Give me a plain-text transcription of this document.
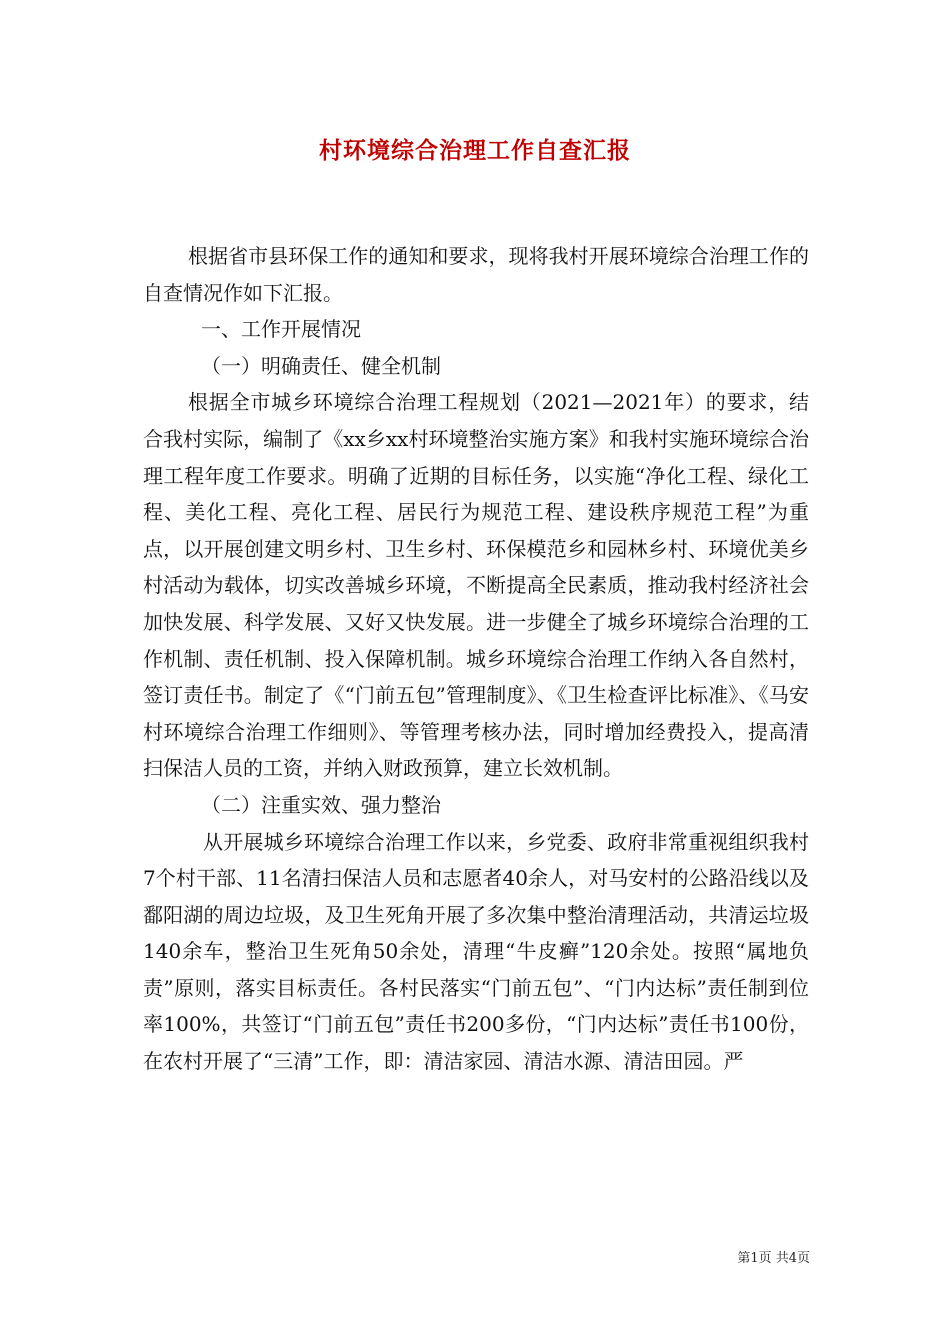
村环境综合治理工作自查汇报

根据省市县环保工作的通知和要求，现将我村开展环境综合治理工作的自查情况作如下汇报。

一、工作开展情况

（一）明确责任、健全机制

根据全市城乡环境综合治理工程规划（2021—2021年）的要求，结合我村实际，编制了《xx乡xx村环境整治实施方案》和我村实施环境综合治理工程年度工作要求。明确了近期的目标任务，以实施“净化工程、绿化工程、美化工程、亮化工程、居民行为规范工程、建设秩序规范工程”为重点，以开展创建文明乡村、卫生乡村、环保模范乡和园林乡村、环境优美乡村活动为载体，切实改善城乡环境，不断提高全民素质，推动我村经济社会加快发展、科学发展、又好又快发展。进一步健全了城乡环境综合治理的工作机制、责任机制、投入保障机制。城乡环境综合治理工作纳入各自然村，签订责任书。制定了《“门前五包”管理制度》、《卫生检查评比标准》、《马安村环境综合治理工作细则》、等管理考核办法，同时增加经费投入，提高清扫保洁人员的工资，并纳入财政预算，建立长效机制。

（二）注重实效、强力整治

从开展城乡环境综合治理工作以来，乡党委、政府非常重视组织我村7个村干部、11名清扫保洁人员和志愿者40余人，对马安村的公路沿线以及鄱阳湖的周边垃圾，及卫生死角开展了多次集中整治清理活动，共清运垃圾140余车，整治卫生死角50余处，清理“牛皮癣”120余处。按照“属地负责”原则，落实目标责任。各村民落实“门前五包”、“门内达标”责任制到位率100%，共签订“门前五包”责任书200多份，“门内达标”责任书100份，在农村开展了“三清”工作，即：清洁家园、清洁水源、清洁田园。严

第1页 共4页
